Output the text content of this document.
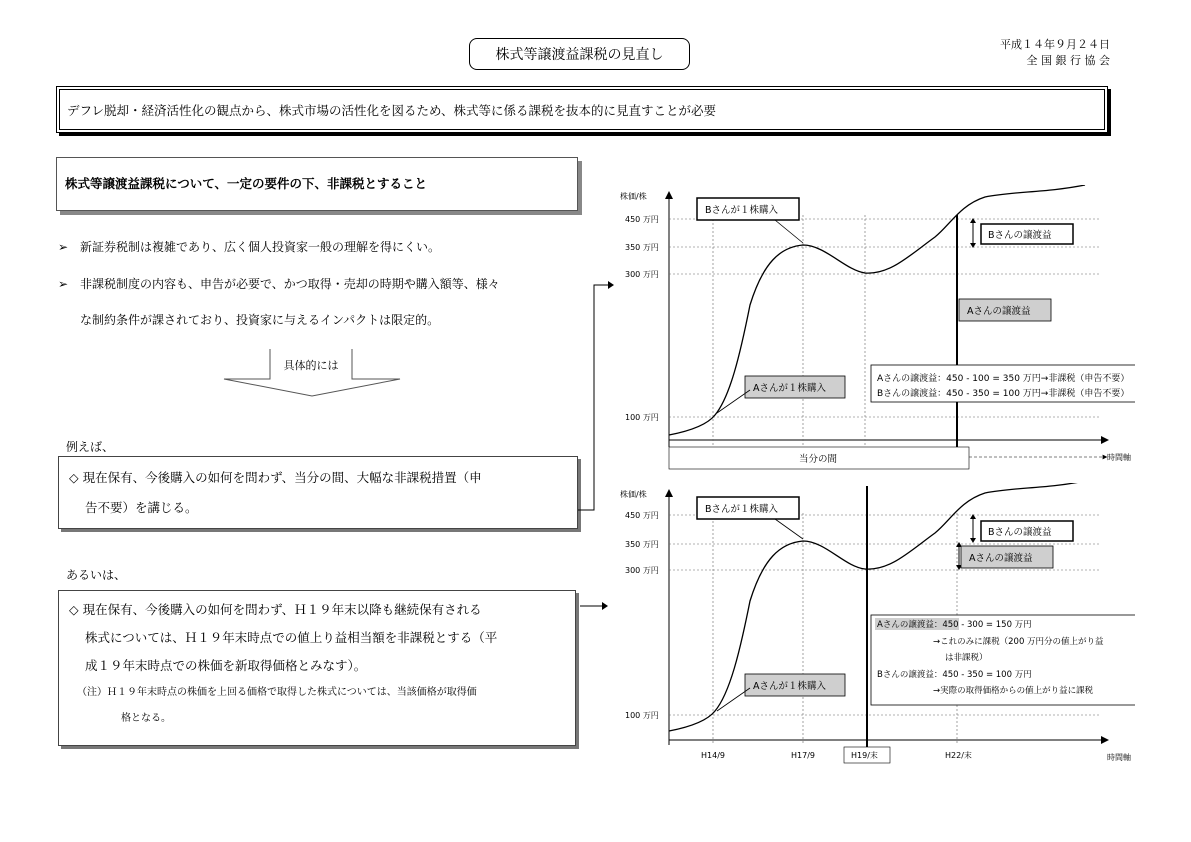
株式等譲渡益課税の見直し
平成１４年９月２４日
全 国 銀 行 協 会
デフレ脱却・経済活性化の観点から、株式市場の活性化を図るため、株式等に係る課税を抜本的に見直すことが必要
株式等譲渡益課税について、一定の要件の下、非課税とすること
➢ 新証券税制は複雑であり、広く個人投資家一般の理解を得にくい。
➢ 非課税制度の内容も、申告が必要で、かつ取得・売却の時期や購入額等、様々
な制約条件が課されており、投資家に与えるインパクトは限定的。
具体的には
例えば、
◇ 現在保有、今後購入の如何を問わず、当分の間、大幅な非課税措置（申
告不要）を講じる。
あるいは、
◇ 現在保有、今後購入の如何を問わず、Ｈ１９年末以降も継続保有される
株式については、Ｈ１９年末時点での値上り益相当額を非課税とする（平
成１９年末時点での株価を新取得価格とみなす）。
（注）Ｈ１９年末時点の株価を上回る価格で取得した株式については、当該価格が取得価
格となる。
株価/株
450 万円
350 万円
300 万円
100 万円
Bさんが１株購入
Bさんの譲渡益
Aさんの譲渡益
Aさんが１株購入
Aさんの譲渡益：450 - 100 = 350 万円→非課税（申告不要）
Bさんの譲渡益：450 - 350 = 100 万円→非課税（申告不要）
当分の間	時間軸
株価/株
450 万円
350 万円
300 万円
100 万円
Bさんが１株購入
Bさんの譲渡益
Aさんの譲渡益
Aさんが１株購入
Aさんの譲渡益：450 - 300 = 150 万円
→これのみに課税（200 万円分の値上がり益
は非課税）
Bさんの譲渡益：450 - 350 = 100 万円
→実際の取得価格からの値上がり益に課税
H14/9	H17/9	H19/末	H22/末	時間軸
